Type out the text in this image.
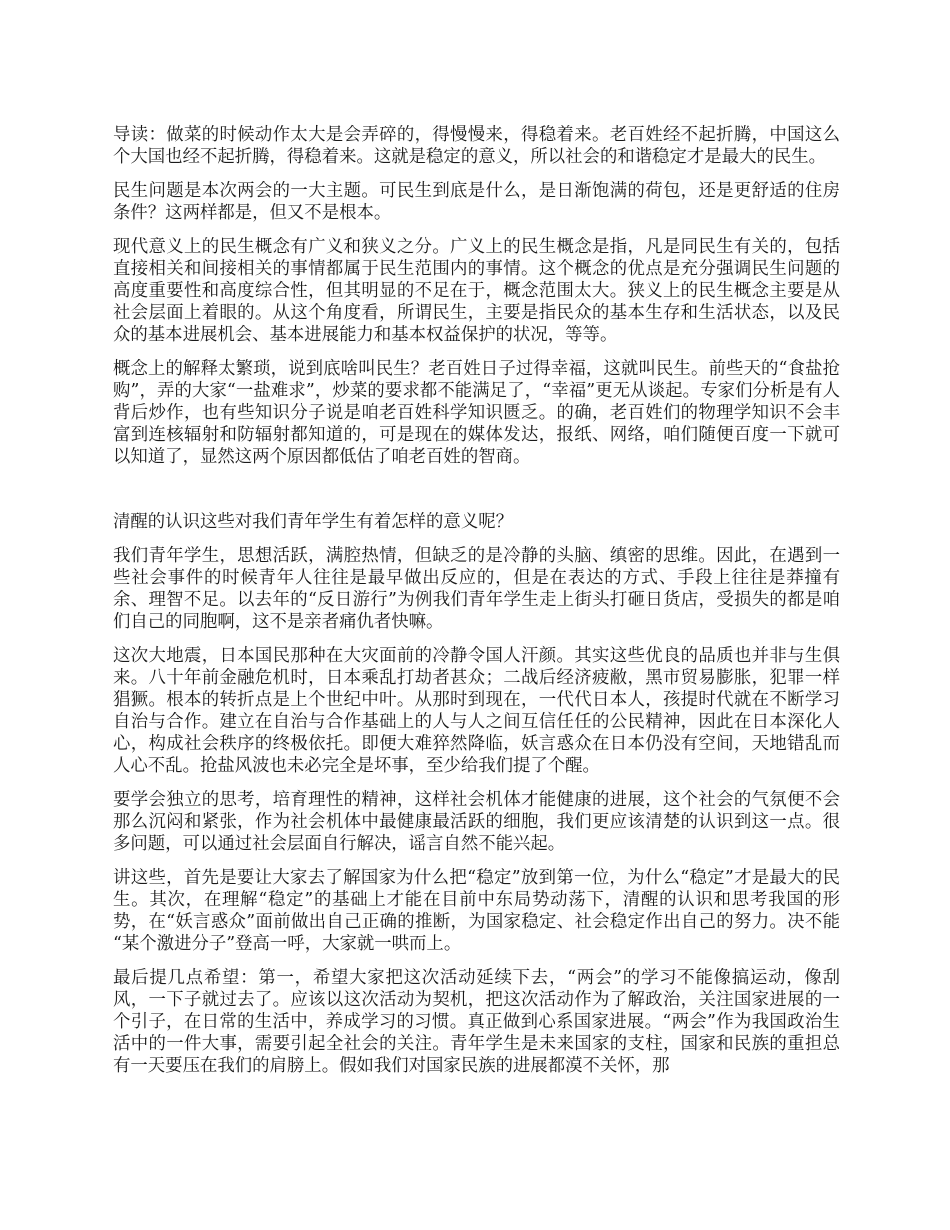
导读：做菜的时候动作太大是会弄碎的，得慢慢来，得稳着来。老百姓经不起折腾，中国这么个大国也经不起折腾，得稳着来。这就是稳定的意义，所以社会的和谐稳定才是最大的民生。

民生问题是本次两会的一大主题。可民生到底是什么，是日渐饱满的荷包，还是更舒适的住房条件？这两样都是，但又不是根本。

现代意义上的民生概念有广义和狭义之分。广义上的民生概念是指，凡是同民生有关的，包括直接相关和间接相关的事情都属于民生范围内的事情。这个概念的优点是充分强调民生问题的高度重要性和高度综合性，但其明显的不足在于，概念范围太大。狭义上的民生概念主要是从社会层面上着眼的。从这个角度看，所谓民生，主要是指民众的基本生存和生活状态，以及民众的基本进展机会、基本进展能力和基本权益保护的状况，等等。

概念上的解释太繁琐，说到底啥叫民生？老百姓日子过得幸福，这就叫民生。前些天的“食盐抢购”，弄的大家“一盐难求”，炒菜的要求都不能满足了，“幸福”更无从谈起。专家们分析是有人背后炒作，也有些知识分子说是咱老百姓科学知识匮乏。的确，老百姓们的物理学知识不会丰富到连核辐射和防辐射都知道的，可是现在的媒体发达，报纸、网络，咱们随便百度一下就可以知道了，显然这两个原因都低估了咱老百姓的智商。

清醒的认识这些对我们青年学生有着怎样的意义呢？

我们青年学生，思想活跃，满腔热情，但缺乏的是冷静的头脑、缜密的思维。因此，在遇到一些社会事件的时候青年人往往是最早做出反应的，但是在表达的方式、手段上往往是莽撞有余、理智不足。以去年的“反日游行”为例我们青年学生走上街头打砸日货店，受损失的都是咱们自己的同胞啊，这不是亲者痛仇者快嘛。

这次大地震，日本国民那种在大灾面前的冷静令国人汗颜。其实这些优良的品质也并非与生俱来。八十年前金融危机时，日本乘乱打劫者甚众；二战后经济疲敝，黑市贸易膨胀，犯罪一样猖獗。根本的转折点是上个世纪中叶。从那时到现在，一代代日本人，孩提时代就在不断学习自治与合作。建立在自治与合作基础上的人与人之间互信任任的公民精神，因此在日本深化人心，构成社会秩序的终极依托。即便大难猝然降临，妖言惑众在日本仍没有空间，天地错乱而人心不乱。抢盐风波也未必完全是坏事，至少给我们提了个醒。

要学会独立的思考，培育理性的精神，这样社会机体才能健康的进展，这个社会的气氛便不会那么沉闷和紧张，作为社会机体中最健康最活跃的细胞，我们更应该清楚的认识到这一点。很多问题，可以通过社会层面自行解决，谣言自然不能兴起。

讲这些，首先是要让大家去了解国家为什么把“稳定”放到第一位，为什么“稳定”才是最大的民生。其次，在理解“稳定”的基础上才能在目前中东局势动荡下，清醒的认识和思考我国的形势，在“妖言惑众”面前做出自己正确的推断，为国家稳定、社会稳定作出自己的努力。决不能 “某个激进分子”登高一呼，大家就一哄而上。

最后提几点希望：第一，希望大家把这次活动延续下去，“两会”的学习不能像搞运动，像刮风，一下子就过去了。应该以这次活动为契机，把这次活动作为了解政治，关注国家进展的一个引子，在日常的生活中，养成学习的习惯。真正做到心系国家进展。“两会”作为我国政治生活中的一件大事，需要引起全社会的关注。青年学生是未来国家的支柱，国家和民族的重担总有一天要压在我们的肩膀上。假如我们对国家民族的进展都漠不关怀，那
